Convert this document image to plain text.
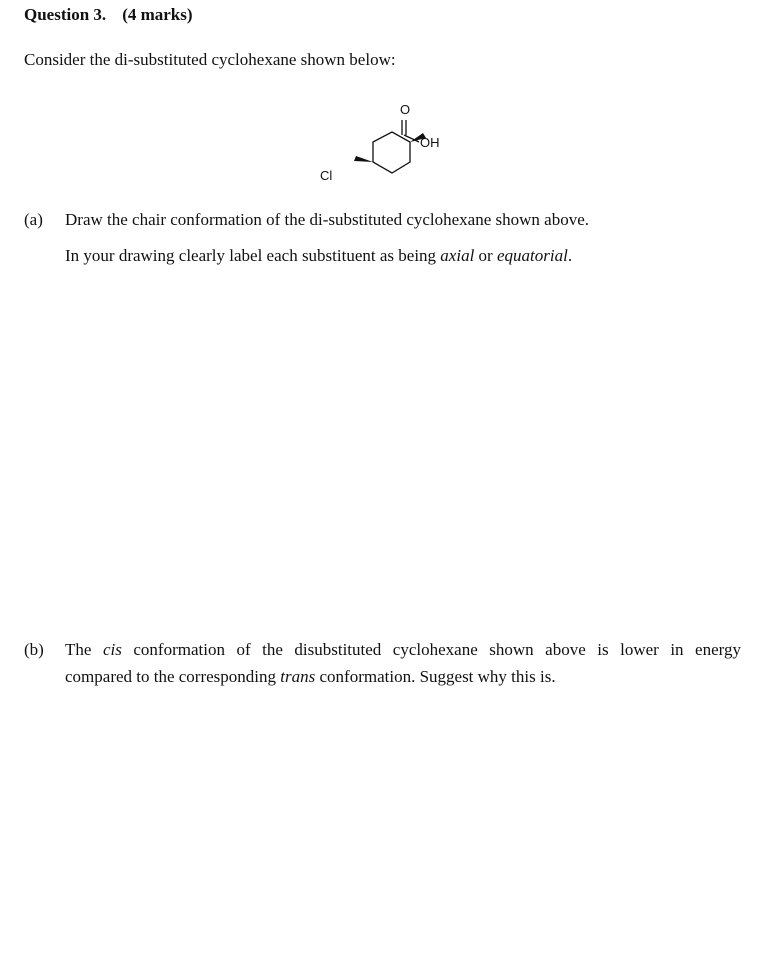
Question 3. (4 marks)
Consider the di-substituted cyclohexane shown below:
O
OH
Cl
(a) Draw the chair conformation of the di-substituted cyclohexane shown above.
In your drawing clearly label each substituent as being axial or equatorial.
(b) The cis conformation of the disubstituted cyclohexane shown above is lower in energy
compared to the corresponding trans conformation. Suggest why this is.
